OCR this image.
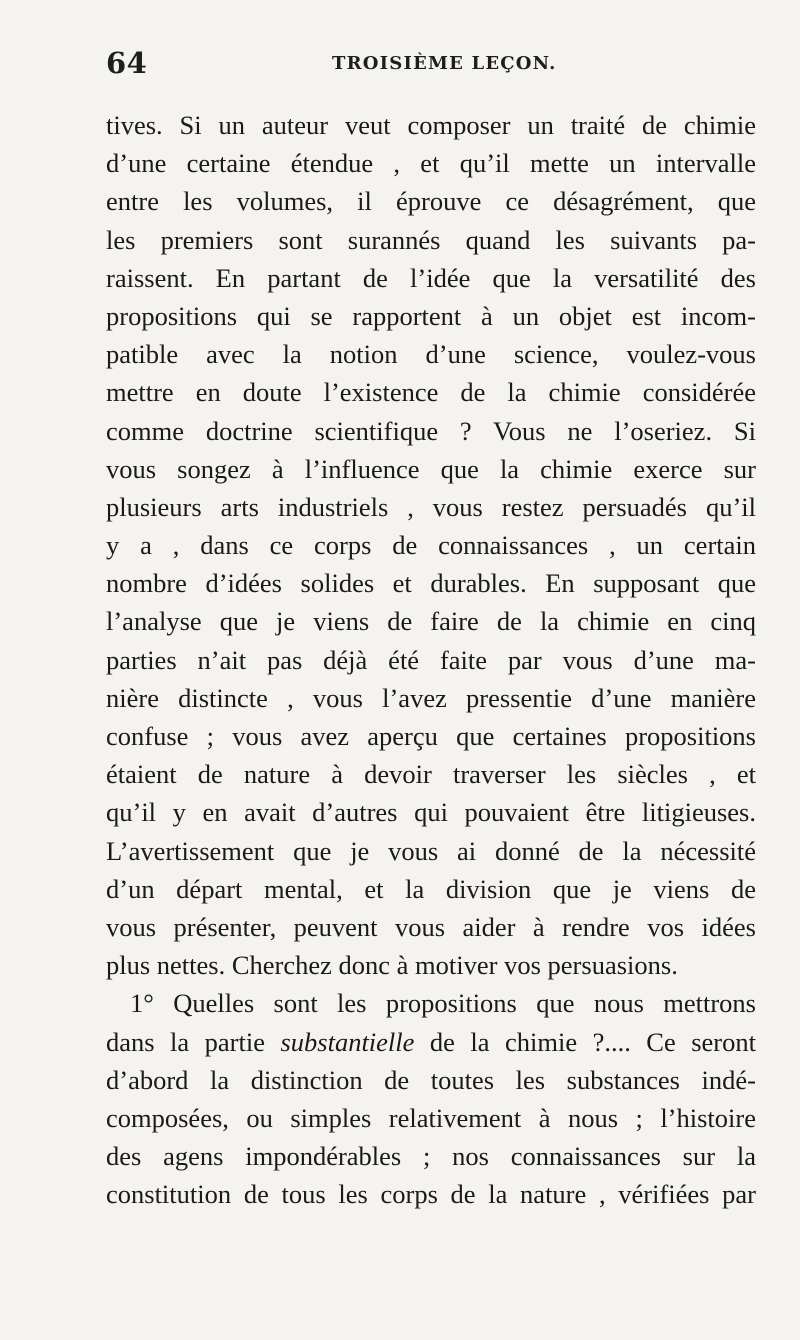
64	TROISIÈME LEÇON.
tives. Si un auteur veut composer un traité de chimie
d’une certaine étendue , et qu’il mette un intervalle
entre les volumes, il éprouve ce désagrément, que
les premiers sont surannés quand les suivants pa-
raissent. En partant de l’idée que la versatilité des
propositions qui se rapportent à un objet est incom-
patible avec la notion d’une science, voulez-vous
mettre en doute l’existence de la chimie considérée
comme doctrine scientifique ? Vous ne l’oseriez. Si
vous songez à l’influence que la chimie exerce sur
plusieurs arts industriels , vous restez persuadés qu’il
y a , dans ce corps de connaissances , un certain
nombre d’idées solides et durables. En supposant que
l’analyse que je viens de faire de la chimie en cinq
parties n’ait pas déjà été faite par vous d’une ma-
nière distincte , vous l’avez pressentie d’une manière
confuse ; vous avez aperçu que certaines propositions
étaient de nature à devoir traverser les siècles , et
qu’il y en avait d’autres qui pouvaient être litigieuses.
L’avertissement que je vous ai donné de la nécessité
d’un départ mental, et la division que je viens de
vous présenter, peuvent vous aider à rendre vos idées
plus nettes. Cherchez donc à motiver vos persuasions.
1° Quelles sont les propositions que nous mettrons
dans la partie substantielle de la chimie ?.... Ce seront
d’abord la distinction de toutes les substances indé-
composées, ou simples relativement à nous ; l’histoire
des agens impondérables ; nos connaissances sur la
constitution de tous les corps de la nature , vérifiées par
